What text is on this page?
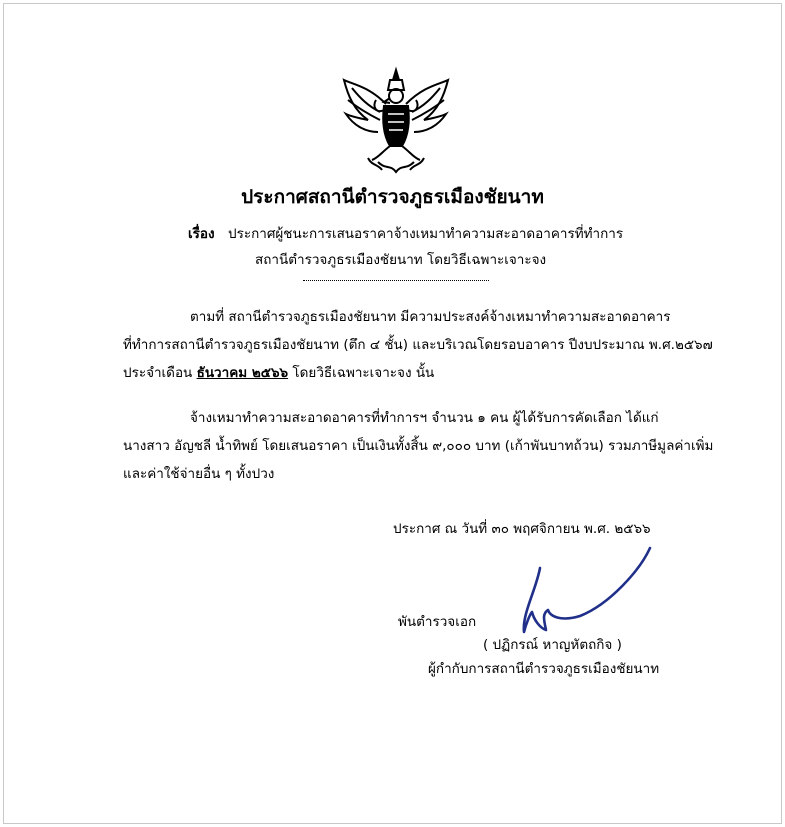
ประกาศสถานีตำรวจภูธรเมืองชัยนาท
เรื่อง ประกาศผู้ชนะการเสนอราคาจ้างเหมาทำความสะอาดอาคารที่ทำการ
สถานีตำรวจภูธรเมืองชัยนาท โดยวิธีเฉพาะเจาะจง
ตามที่ สถานีตำรวจภูธรเมืองชัยนาท มีความประสงค์จ้างเหมาทำความสะอาดอาคาร
ที่ทำการสถานีตำรวจภูธรเมืองชัยนาท (ตึก ๔ ชั้น) และบริเวณโดยรอบอาคาร ปีงบประมาณ พ.ศ.๒๕๖๗
ประจำเดือน ธันวาคม ๒๕๖๖ โดยวิธีเฉพาะเจาะจง นั้น
จ้างเหมาทำความสะอาดอาคารที่ทำการฯ จำนวน ๑ คน ผู้ได้รับการคัดเลือก ได้แก่
นางสาว อัญชลี น้ำทิพย์ โดยเสนอราคา เป็นเงินทั้งสิ้น ๙,๐๐๐ บาท (เก้าพันบาทถ้วน) รวมภาษีมูลค่าเพิ่ม
และค่าใช้จ่ายอื่น ๆ ทั้งปวง
ประกาศ ณ วันที่ ๓๐ พฤศจิกายน พ.ศ. ๒๕๖๖
พันตำรวจเอก
( ปฏิกรณ์ หาญหัตถกิจ )
ผู้กำกับการสถานีตำรวจภูธรเมืองชัยนาท
